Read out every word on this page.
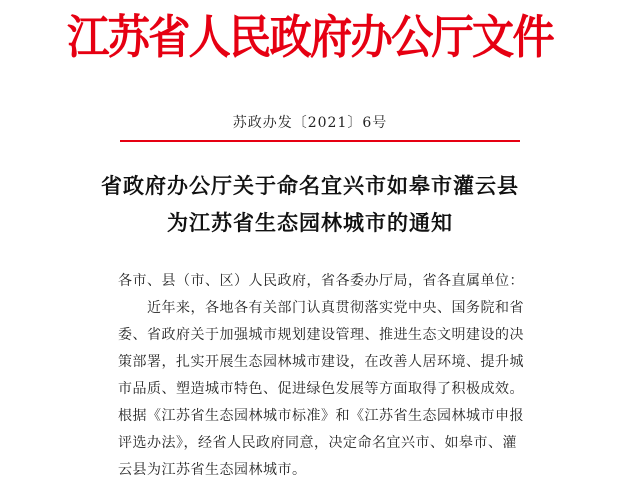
江苏省人民政府办公厅文件
苏政办发〔2021〕6号
省政府办公厅关于命名宜兴市如皋市灌云县
为江苏省生态园林城市的通知
各市、县（市、区）人民政府，省各委办厅局，省各直属单位：
　　近年来，各地各有关部门认真贯彻落实党中央、国务院和省
委、省政府关于加强城市规划建设管理、推进生态文明建设的决
策部署，扎实开展生态园林城市建设，在改善人居环境、提升城
市品质、塑造城市特色、促进绿色发展等方面取得了积极成效。
根据《江苏省生态园林城市标准》和《江苏省生态园林城市申报
评选办法》，经省人民政府同意，决定命名宜兴市、如皋市、灌
云县为江苏省生态园林城市。
